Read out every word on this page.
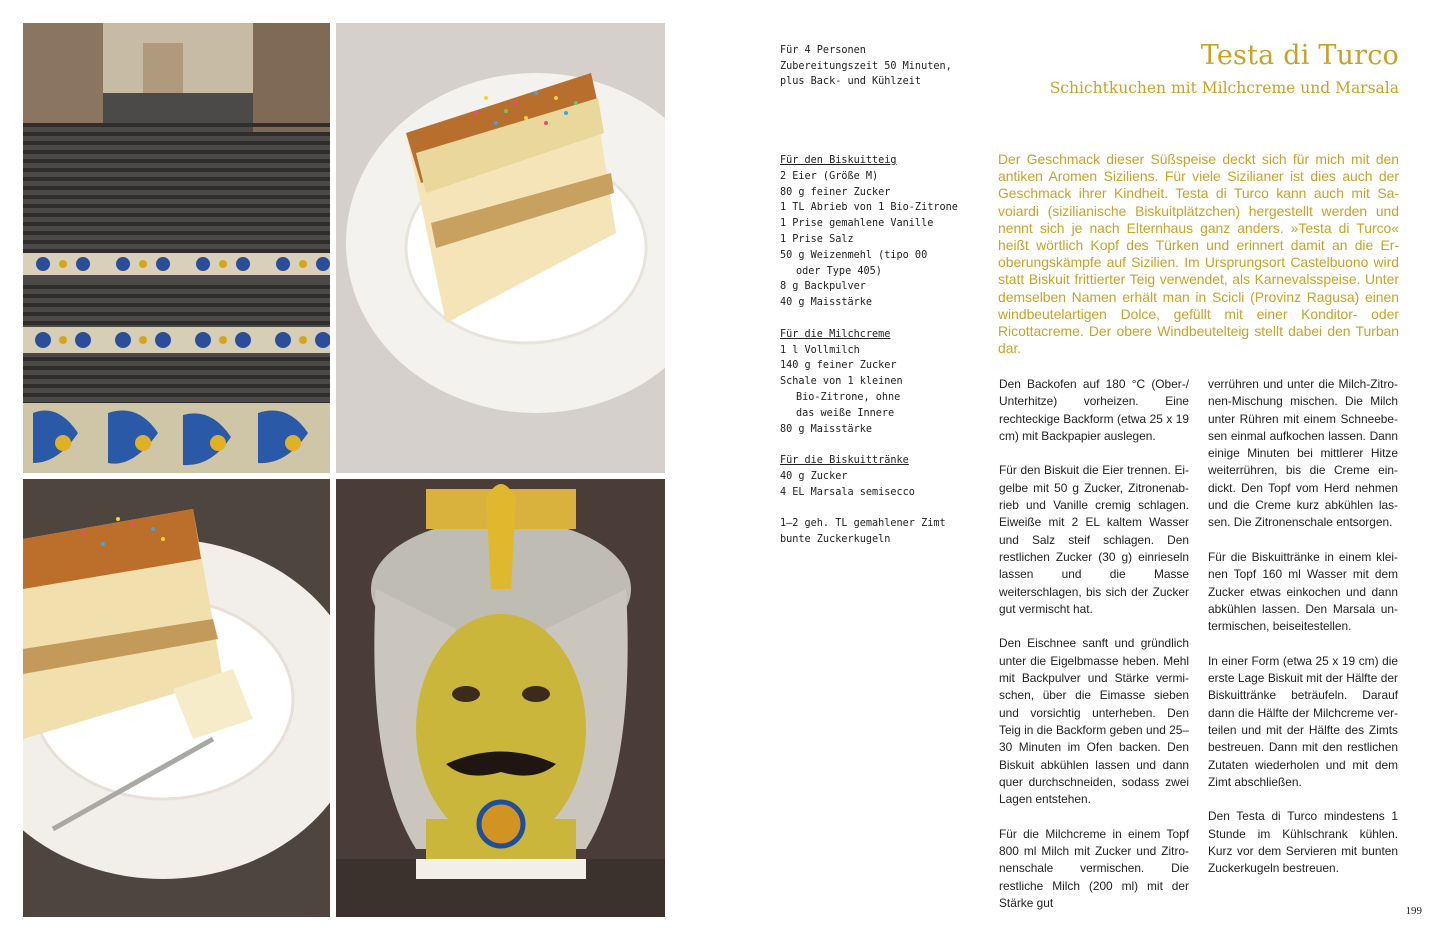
Für 4 Personen
Zubereitungszeit 50 Minuten,
plus Back- und Kühlzeit
Für den Biskuitteig
2 Eier (Größe M)
80 g feiner Zucker
1 TL Abrieb von 1 Bio-Zitrone
1 Prise gemahlene Vanille
1 Prise Salz
50 g Weizenmehl (tipo 00
oder Type 405)
8 g Backpulver
40 g Maisstärke
Für die Milchcreme
1 l Vollmilch
140 g feiner Zucker
Schale von 1 kleinen
Bio-Zitrone, ohne
das weiße Innere
80 g Maisstärke
Für die Biskuittränke
40 g Zucker
4 EL Marsala semisecco
1–2 geh. TL gemahlener Zimt
bunte Zuckerkugeln
Testa di Turco
Schichtkuchen mit Milchcreme und Marsala
Der Geschmack dieser Süßspeise deckt sich für mich mit den antiken Aromen Siziliens. Für viele Sizilianer ist dies auch der Geschmack ihrer Kindheit. Testa di Turco kann auch mit Savoiardi (sizilianische Biskuitplätzchen) hergestellt werden und nennt sich je nach Elternhaus ganz anders. »Testa di Turco« heißt wörtlich Kopf des Türken und erinnert damit an die Eroberungskämpfe auf Sizilien. Im Ursprungsort Castelbuono wird statt Biskuit frittierter Teig verwendet, als Karnevalsspeise. Unter demselben Namen erhält man in Scicli (Provinz Ragusa) einen windbeutelartigen Dolce, gefüllt mit einer Konditor- oder Ricottacreme. Der obere Windbeutelteig stellt dabei den Turban dar.

Den Backofen auf 180 °C (Ober-/ Unterhitze) vorheizen. Eine rechteckige Backform (etwa 25 x 19 cm) mit Backpapier auslegen.

Für den Biskuit die Eier trennen. Eigelbe mit 50 g Zucker, Zitronenabrieb und Vanille cremig schlagen. Eiweiße mit 2 EL kaltem Wasser und Salz steif schlagen. Den restlichen Zucker (30 g) einrieseln lassen und die Masse weiterschlagen, bis sich der Zucker gut vermischt hat.

Den Eischnee sanft und gründlich unter die Eigelbmasse heben. Mehl mit Backpulver und Stärke vermischen, über die Eimasse sieben und vorsichtig unterheben. Den Teig in die Backform geben und 25–30 Minuten im Ofen backen. Den Biskuit abkühlen lassen und dann quer durchschneiden, sodass zwei Lagen entstehen.

Für die Milchcreme in einem Topf 800 ml Milch mit Zucker und Zitronenschale vermischen. Die restliche Milch (200 ml) mit der Stärke gut

verrühren und unter die Milch-Zitronen-Mischung mischen. Die Milch unter Rühren mit einem Schneebesen einmal aufkochen lassen. Dann einige Minuten bei mittlerer Hitze weiterrühren, bis die Creme eindickt. Den Topf vom Herd nehmen und die Creme kurz abkühlen lassen. Die Zitronenschale entsorgen.

Für die Biskuittränke in einem kleinen Topf 160 ml Wasser mit dem Zucker etwas einkochen und dann abkühlen lassen. Den Marsala untermischen, beiseitestellen.

In einer Form (etwa 25 x 19 cm) die erste Lage Biskuit mit der Hälfte der Biskuittränke beträufeln. Darauf dann die Hälfte der Milchcreme verteilen und mit der Hälfte des Zimts bestreuen. Dann mit den restlichen Zutaten wiederholen und mit dem Zimt abschließen.

Den Testa di Turco mindestens 1 Stunde im Kühlschrank kühlen. Kurz vor dem Servieren mit bunten Zuckerkugeln bestreuen.

199
